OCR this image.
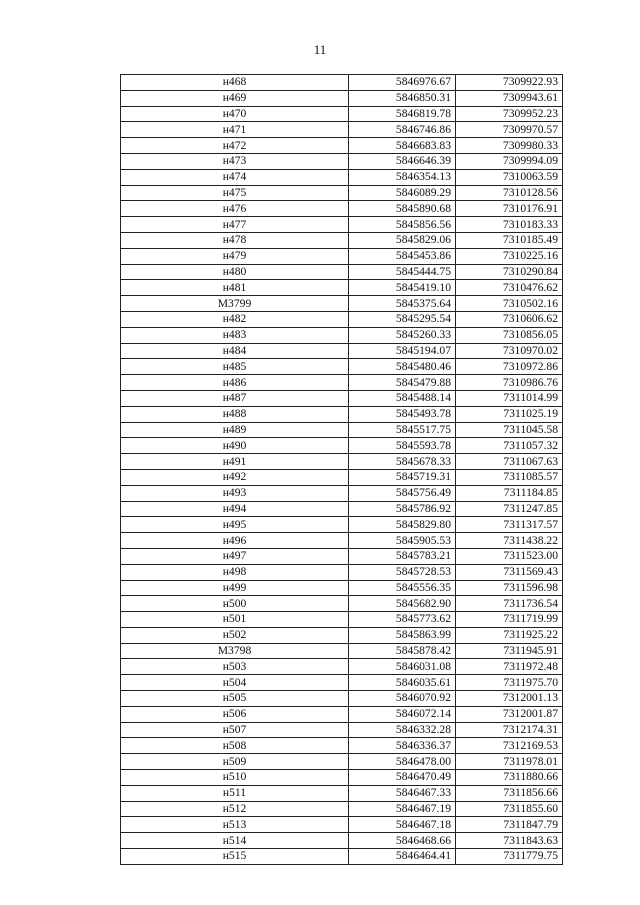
11
н468	5846976.67	7309922.93
н469	5846850.31	7309943.61
н470	5846819.78	7309952.23
н471	5846746.86	7309970.57
н472	5846683.83	7309980.33
н473	5846646.39	7309994.09
н474	5846354.13	7310063.59
н475	5846089.29	7310128.56
н476	5845890.68	7310176.91
н477	5845856.56	7310183.33
н478	5845829.06	7310185.49
н479	5845453.86	7310225.16
н480	5845444.75	7310290.84
н481	5845419.10	7310476.62
М3799	5845375.64	7310502.16
н482	5845295.54	7310606.62
н483	5845260.33	7310856.05
н484	5845194.07	7310970.02
н485	5845480.46	7310972.86
н486	5845479.88	7310986.76
н487	5845488.14	7311014.99
н488	5845493.78	7311025.19
н489	5845517.75	7311045.58
н490	5845593.78	7311057.32
н491	5845678.33	7311067.63
н492	5845719.31	7311085.57
н493	5845756.49	7311184.85
н494	5845786.92	7311247.85
н495	5845829.80	7311317.57
н496	5845905.53	7311438.22
н497	5845783.21	7311523.00
н498	5845728.53	7311569.43
н499	5845556.35	7311596.98
н500	5845682.90	7311736.54
н501	5845773.62	7311719.99
н502	5845863.99	7311925.22
М3798	5845878.42	7311945.91
н503	5846031.08	7311972.48
н504	5846035.61	7311975.70
н505	5846070.92	7312001.13
н506	5846072.14	7312001.87
н507	5846332.28	7312174.31
н508	5846336.37	7312169.53
н509	5846478.00	7311978.01
н510	5846470.49	7311880.66
н511	5846467.33	7311856.66
н512	5846467.19	7311855.60
н513	5846467.18	7311847.79
н514	5846468.66	7311843.63
н515	5846464.41	7311779.75
